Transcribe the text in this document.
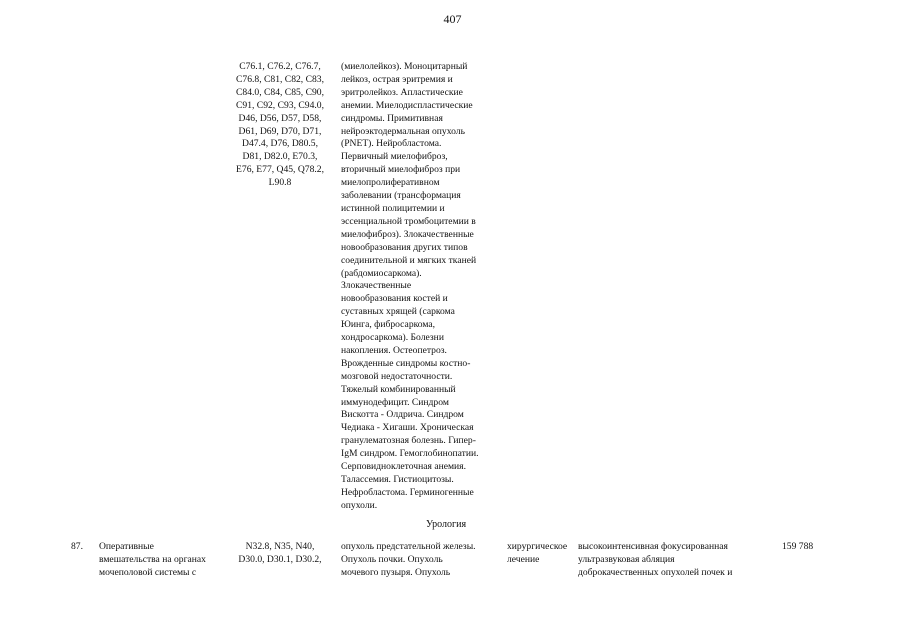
407
C76.1, C76.2, C76.7,
C76.8, C81, C82, C83,
C84.0, C84, C85, C90,
C91, C92, C93, C94.0,
D46, D56, D57, D58,
D61, D69, D70, D71,
D47.4, D76, D80.5,
D81, D82.0, E70.3,
E76, E77, Q45, Q78.2,
L90.8
(миелолейкоз). Моноцитарный
лейкоз, острая эритремия и
эритролейкоз. Апластические
анемии. Миелодиспластические
синдромы. Примитивная
нейроэктодермальная опухоль
(PNET). Нейробластома.
Первичный миелофиброз,
вторичный миелофиброз при
миелопролиферативном
заболевании (трансформация
истинной полицитемии и
эссенциальной тромбоцитемии в
миелофиброз). Злокачественные
новообразования других типов
соединительной и мягких тканей
(рабдомиосаркома).
Злокачественные
новообразования костей и
суставных хрящей (саркома
Юинга, фибросаркома,
хондросаркома). Болезни
накопления. Остеопетроз.
Врожденные синдромы костно-
мозговой недостаточности.
Тяжелый комбинированный
иммунодефицит. Синдром
Вискотта - Олдрича. Синдром
Чедиака - Хигаши. Хроническая
гранулематозная болезнь. Гипер-
IgM синдром. Гемоглобинопатии.
Серповидноклеточная анемия.
Талассемия. Гистиоцитозы.
Нефробластома. Герминогенные
опухоли.
Урология
87.	Оперативные
вмешательства на органах
мочеполовой системы с
N32.8, N35, N40,
D30.0, D30.1, D30.2,
опухоль предстательной железы.
Опухоль почки. Опухоль
мочевого пузыря. Опухоль
хирургическое
лечение
высокоинтенсивная фокусированная
ультразвуковая абляция
доброкачественных опухолей почек и
159 788
